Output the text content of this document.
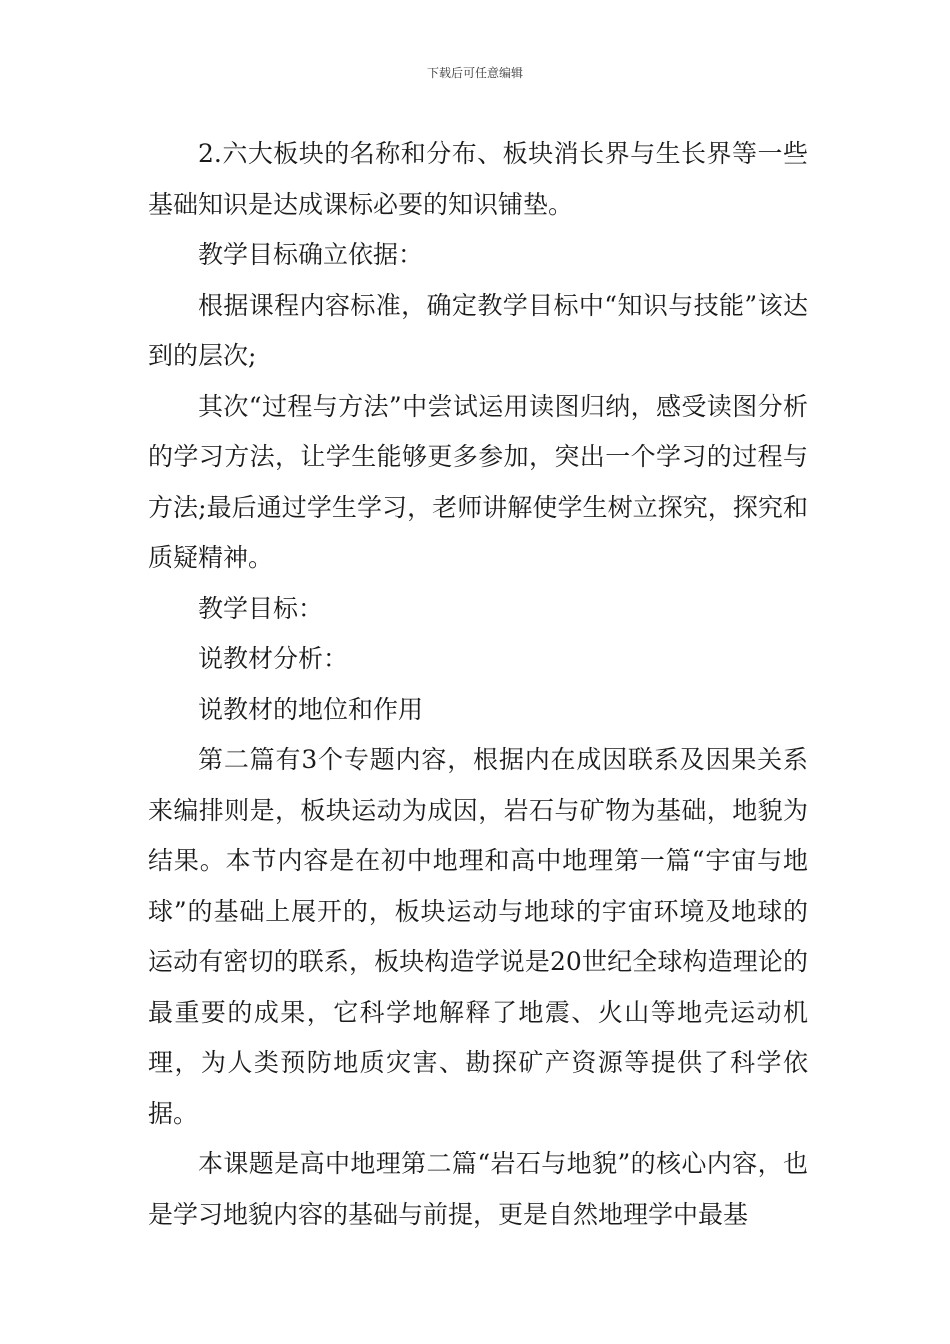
下载后可任意编辑

2.六大板块的名称和分布、板块消长界与生长界等一些基础知识是达成课标必要的知识铺垫。

教学目标确立依据：

根据课程内容标准，确定教学目标中“知识与技能”该达到的层次;

其次“过程与方法”中尝试运用读图归纳，感受读图分析的学习方法，让学生能够更多参加，突出一个学习的过程与方法;最后通过学生学习，老师讲解使学生树立探究，探究和质疑精神。

教学目标：

说教材分析：

说教材的地位和作用

第二篇有3个专题内容，根据内在成因联系及因果关系来编排则是，板块运动为成因，岩石与矿物为基础，地貌为结果。本节内容是在初中地理和高中地理第一篇“宇宙与地球”的基础上展开的，板块运动与地球的宇宙环境及地球的运动有密切的联系，板块构造学说是20世纪全球构造理论的最重要的成果，它科学地解释了地震、火山等地壳运动机理，为人类预防地质灾害、勘探矿产资源等提供了科学依据。

本课题是高中地理第二篇“岩石与地貌”的核心内容，也是学习地貌内容的基础与前提，更是自然地理学中最基
